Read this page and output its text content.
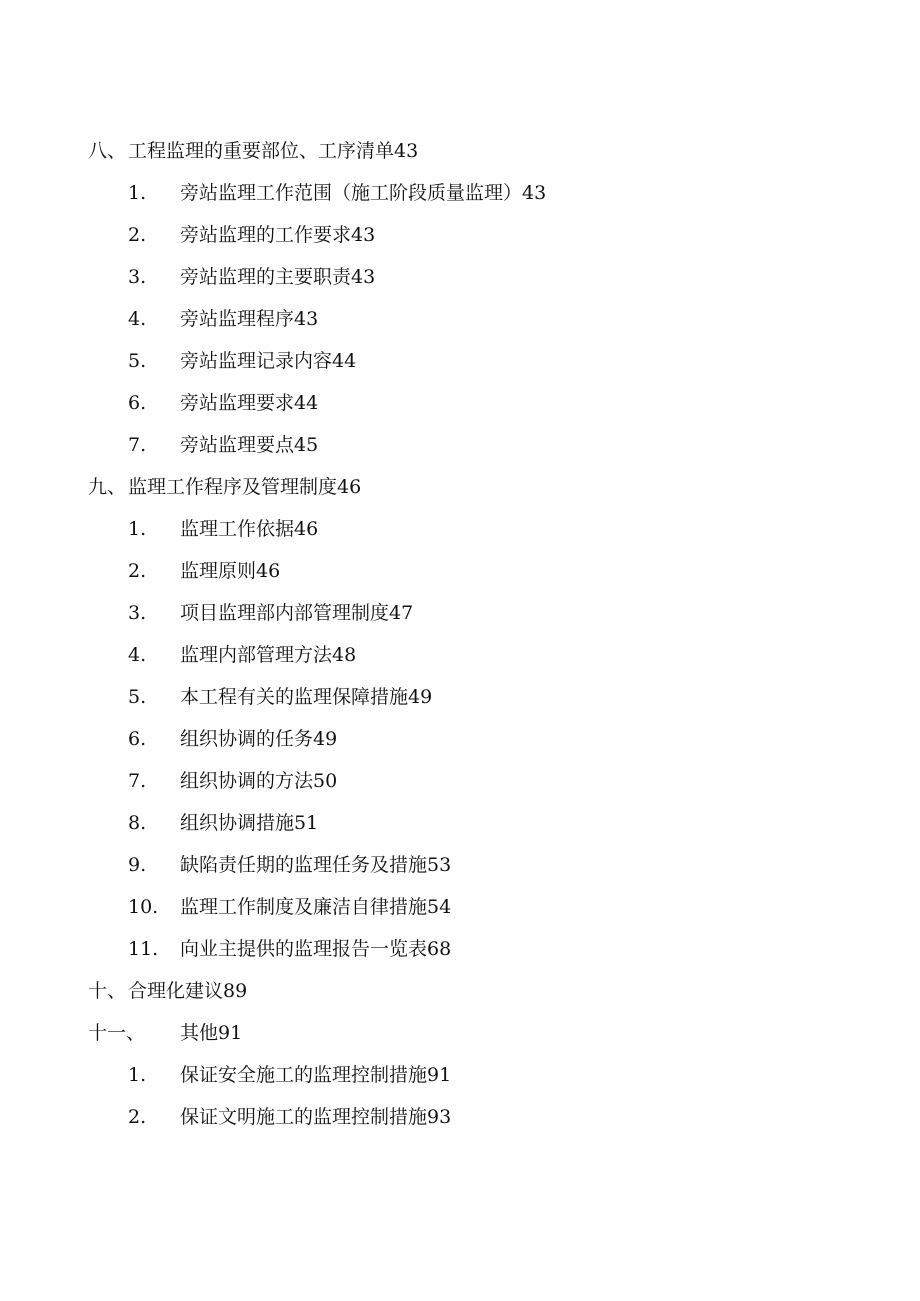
八、 工程监理的重要部位、工序清单43
1. 旁站监理工作范围（施工阶段质量监理）43
2. 旁站监理的工作要求43
3. 旁站监理的主要职责43
4. 旁站监理程序43
5. 旁站监理记录内容44
6. 旁站监理要求44
7. 旁站监理要点45
九、 监理工作程序及管理制度46
1. 监理工作依据46
2. 监理原则46
3. 项目监理部内部管理制度47
4. 监理内部管理方法48
5. 本工程有关的监理保障措施49
6. 组织协调的任务49
7. 组织协调的方法50
8. 组织协调措施51
9. 缺陷责任期的监理任务及措施53
10. 监理工作制度及廉洁自律措施54
11. 向业主提供的监理报告一览表68
十、 合理化建议89
十一、 其他91
1. 保证安全施工的监理控制措施91
2. 保证文明施工的监理控制措施93
